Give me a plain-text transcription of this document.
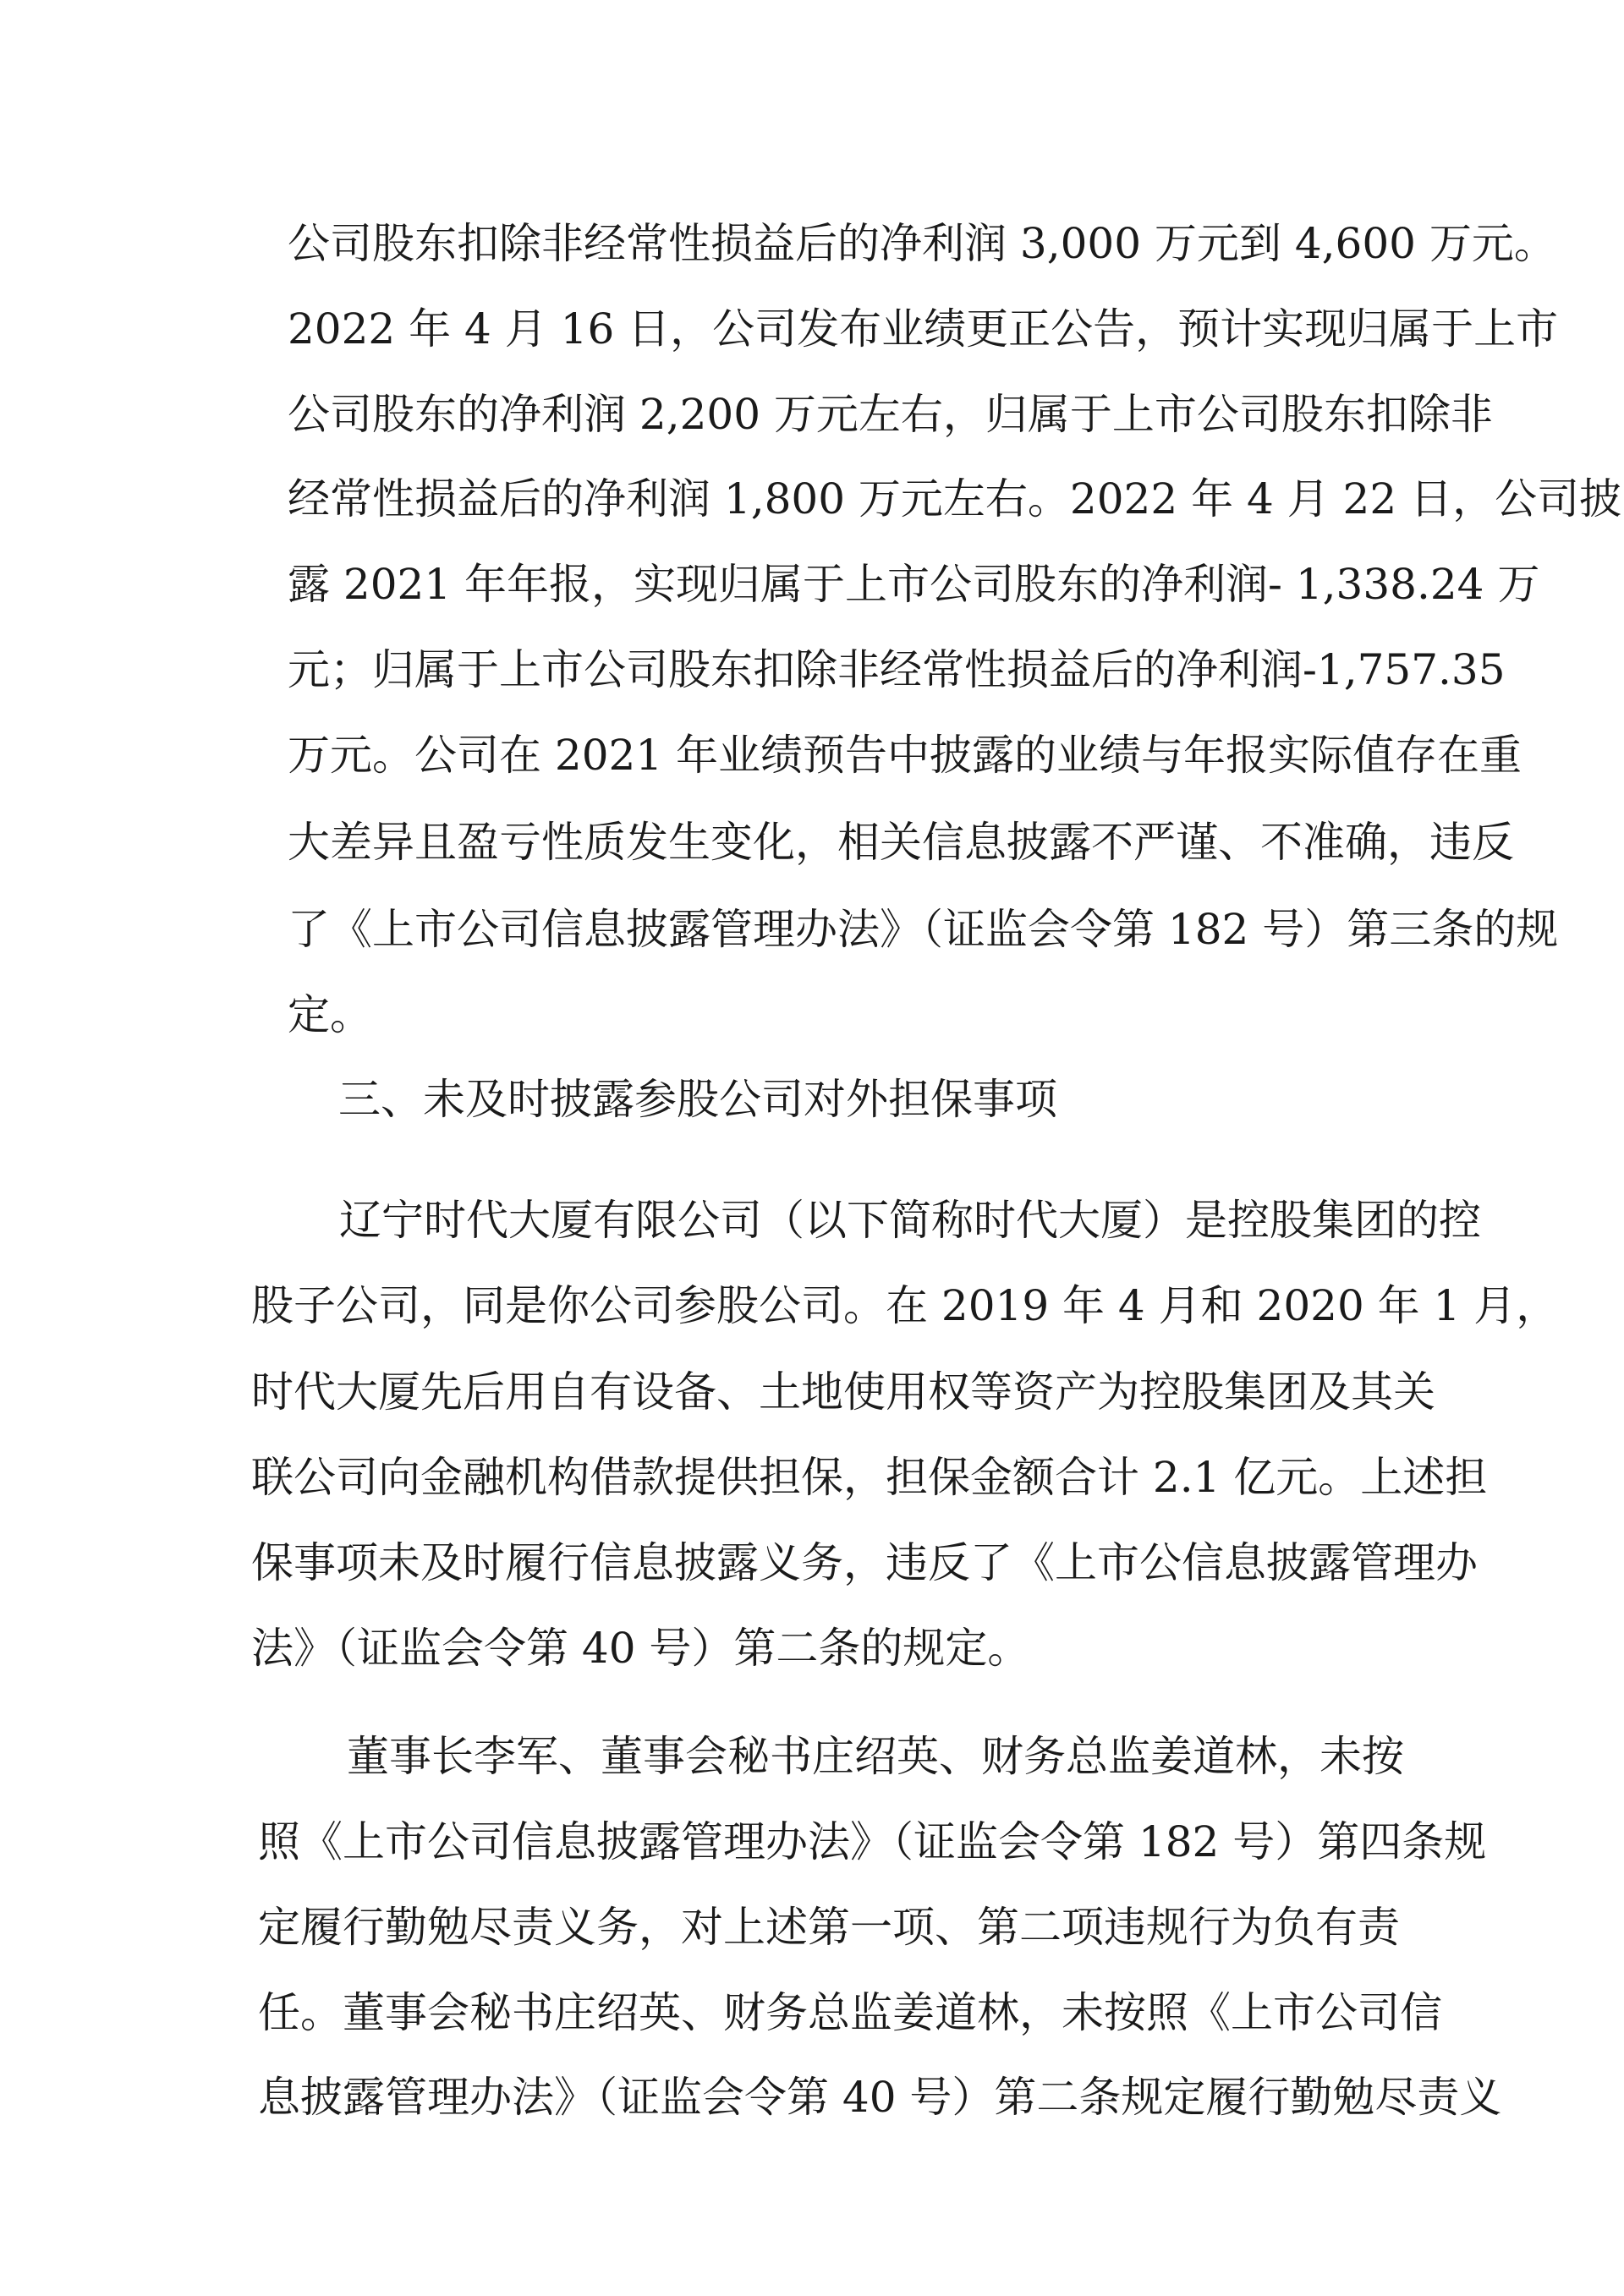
公司股东扣除非经常性损益后的净利润 3,000 万元到 4,600 万元。
2022 年 4 月 16 日，公司发布业绩更正公告，预计实现归属于上市
公司股东的净利润 2,200 万元左右，归属于上市公司股东扣除非
经常性损益后的净利润 1,800 万元左右。2022 年 4 月 22 日，公司披
露 2021 年年报，实现归属于上市公司股东的净利润- 1,338.24 万
元；归属于上市公司股东扣除非经常性损益后的净利润-1,757.35
万元。公司在 2021 年业绩预告中披露的业绩与年报实际值存在重
大差异且盈亏性质发生变化，相关信息披露不严谨、不准确，违反
了《上市公司信息披露管理办法》（证监会令第 182 号）第三条的规
定。
三、未及时披露参股公司对外担保事项
辽宁时代大厦有限公司（以下简称时代大厦）是控股集团的控
股子公司，同是你公司参股公司。在 2019 年 4 月和 2020 年 1 月，
时代大厦先后用自有设备、土地使用权等资产为控股集团及其关
联公司向金融机构借款提供担保，担保金额合计 2.1 亿元。上述担
保事项未及时履行信息披露义务，违反了《上市公信息披露管理办
法》（证监会令第 40 号）第二条的规定。
董事长李军、董事会秘书庄绍英、财务总监姜道林，未按
照《上市公司信息披露管理办法》（证监会令第 182 号）第四条规
定履行勤勉尽责义务，对上述第一项、第二项违规行为负有责
任。董事会秘书庄绍英、财务总监姜道林，未按照《上市公司信
息披露管理办法》（证监会令第 40 号）第二条规定履行勤勉尽责义
